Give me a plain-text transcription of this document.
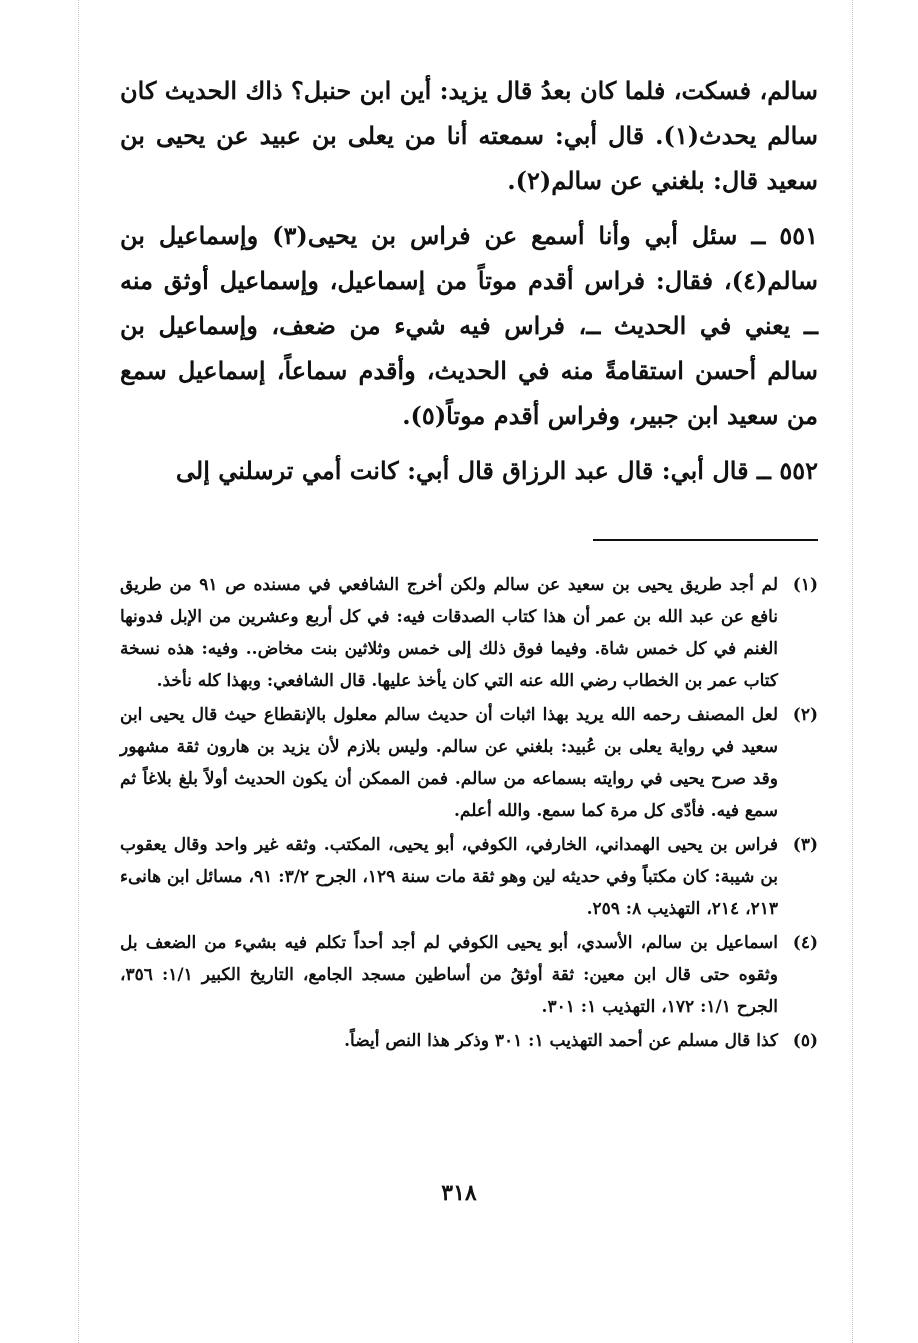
سالم، فسكت، فلما كان بعدُ قال يزيد: أين ابن حنبل؟ ذاك الحديث كان سالم يحدث(١). قال أبي: سمعته أنا من يعلى بن عبيد عن يحيى بن سعيد قال: بلغني عن سالم(٢).

٥٥١ ــ سئل أبي وأنا أسمع عن فراس بن يحيى(٣) وإسماعيل بن سالم(٤)، فقال: فراس أقدم موتاً من إسماعيل، وإسماعيل أوثق منه ــ يعني في الحديث ــ، فراس فيه شيء من ضعف، وإسماعيل بن سالم أحسن استقامةً منه في الحديث، وأقدم سماعاً، إسماعيل سمع من سعيد ابن جبير، وفراس أقدم موتاً(٥).

٥٥٢ ــ قال أبي: قال عبد الرزاق قال أبي: كانت أمي ترسلني إلى

(١)
لم أجد طريق يحيى بن سعيد عن سالم ولكن أخرج الشافعي في مسنده ص ٩١ من طريق نافع عن عبد الله بن عمر أن هذا كتاب الصدقات فيه: في كل أربع وعشرين من الإبل فدونها الغنم في كل خمس شاة. وفيما فوق ذلك إلى خمس وثلاثين بنت مخاض.. وفيه: هذه نسخة كتاب عمر بن الخطاب رضي الله عنه التي كان يأخذ عليها. قال الشافعي: وبهذا كله نأخذ.
(٢)
لعل المصنف رحمه الله يريد بهذا اثبات أن حديث سالم معلول بالإنقطاع حيث قال يحيى ابن سعيد في رواية يعلى بن عُبيد: بلغني عن سالم. وليس بلازم لأن يزيد بن هارون ثقة مشهور وقد صرح يحيى في روايته بسماعه من سالم. فمن الممكن أن يكون الحديث أولاً بلغ بلاغاً ثم سمع فيه. فأدّى كل مرة كما سمع. والله أعلم.
(٣)
فراس بن يحيى الهمداني، الخارفي، الكوفي، أبو يحيى، المكتب. وثقه غير واحد وقال يعقوب بن شيبة: كان مكتباً وفي حديثه لين وهو ثقة مات سنة ١٢٩، الجرح ٣/٢: ٩١، مسائل ابن هانىء ٢١٣، ٢١٤، التهذيب ٨: ٢٥٩.
(٤)
اسماعيل بن سالم، الأسدي، أبو يحيى الكوفي لم أجد أحداً تكلم فيه بشيء من الضعف بل وثقوه حتى قال ابن معين: ثقة أوثقُ من أساطين مسجد الجامع، التاريخ الكبير ١/١: ٣٥٦، الجرح ١/١: ١٧٢، التهذيب ١: ٣٠١.
(٥)
كذا قال مسلم عن أحمد التهذيب ١: ٣٠١ وذكر هذا النص أيضاً.
٣١٨
